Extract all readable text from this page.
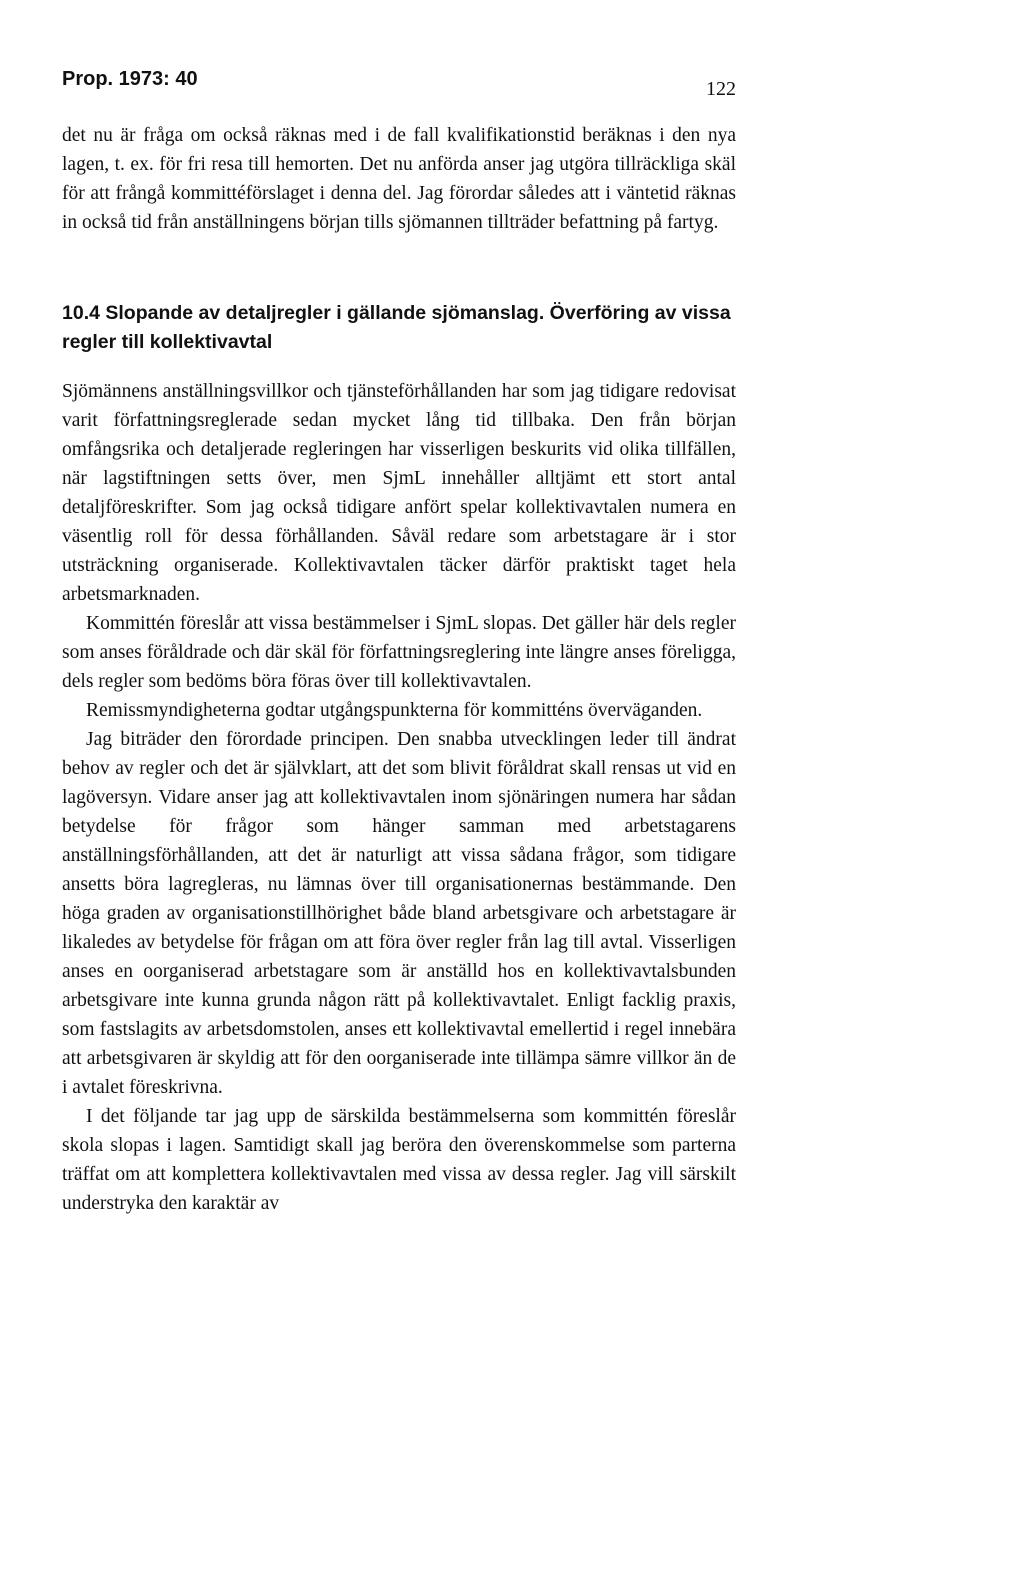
Prop. 1973: 40	122

det nu är fråga om också räknas med i de fall kvalifikationstid beräknas i den nya lagen, t. ex. för fri resa till hemorten. Det nu anförda anser jag utgöra tillräckliga skäl för att frångå kommittéförslaget i denna del. Jag förordar således att i väntetid räknas in också tid från anställningens början tills sjömannen tillträder befattning på fartyg.

10.4 Slopande av detaljregler i gällande sjömanslag. Överföring av vissa regler till kollektivavtal

Sjömännens anställningsvillkor och tjänsteförhållanden har som jag tidigare redovisat varit författningsreglerade sedan mycket lång tid tillbaka. Den från början omfångsrika och detaljerade regleringen har visserligen beskurits vid olika tillfällen, när lagstiftningen setts över, men SjmL innehåller alltjämt ett stort antal detaljföreskrifter. Som jag också tidigare anfört spelar kollektivavtalen numera en väsentlig roll för dessa förhållanden. Såväl redare som arbetstagare är i stor utsträckning organiserade. Kollektivavtalen täcker därför praktiskt taget hela arbetsmarknaden.

Kommittén föreslår att vissa bestämmelser i SjmL slopas. Det gäller här dels regler som anses föråldrade och där skäl för författningsreglering inte längre anses föreligga, dels regler som bedöms böra föras över till kollektivavtalen.

Remissmyndigheterna godtar utgångspunkterna för kommitténs överväganden.

Jag biträder den förordade principen. Den snabba utvecklingen leder till ändrat behov av regler och det är självklart, att det som blivit föråldrat skall rensas ut vid en lagöversyn. Vidare anser jag att kollektivavtalen inom sjönäringen numera har sådan betydelse för frågor som hänger samman med arbetstagarens anställningsförhållanden, att det är naturligt att vissa sådana frågor, som tidigare ansetts böra lagregleras, nu lämnas över till organisationernas bestämmande. Den höga graden av organisationstillhörighet både bland arbetsgivare och arbetstagare är likaledes av betydelse för frågan om att föra över regler från lag till avtal. Visserligen anses en oorganiserad arbetstagare som är anställd hos en kollektivavtalsbunden arbetsgivare inte kunna grunda någon rätt på kollektivavtalet. Enligt facklig praxis, som fastslagits av arbetsdomstolen, anses ett kollektivavtal emellertid i regel innebära att arbetsgivaren är skyldig att för den oorganiserade inte tillämpa sämre villkor än de i avtalet föreskrivna.

I det följande tar jag upp de särskilda bestämmelserna som kommittén föreslår skola slopas i lagen. Samtidigt skall jag beröra den överenskommelse som parterna träffat om att komplettera kollektivavtalen med vissa av dessa regler. Jag vill särskilt understryka den karaktär av
